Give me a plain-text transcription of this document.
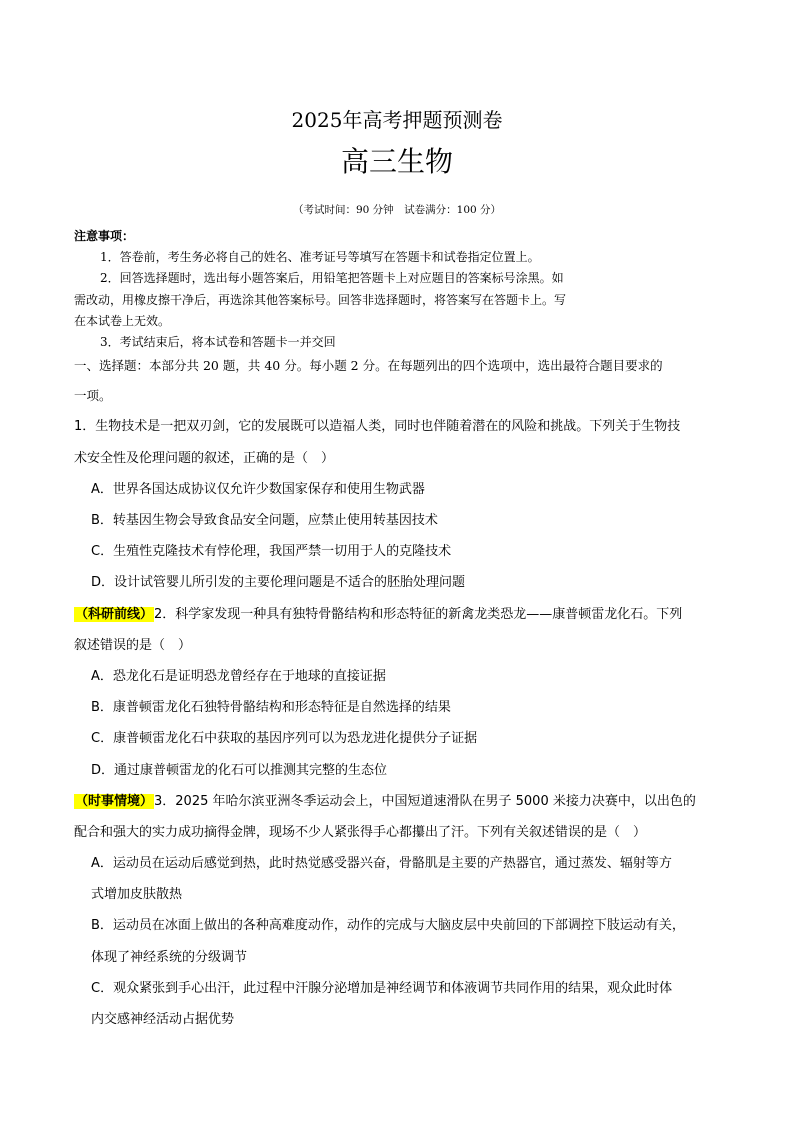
2025年高考押题预测卷
高三生物
（考试时间：90 分钟　试卷满分：100 分）
注意事项：
1．答卷前，考生务必将自己的姓名、准考证号等填写在答题卡和试卷指定位置上。
2．回答选择题时，选出每小题答案后，用铅笔把答题卡上对应题目的答案标号涂黑。如
需改动，用橡皮擦干净后，再选涂其他答案标号。回答非选择题时，将答案写在答题卡上。写
在本试卷上无效。
3．考试结束后，将本试卷和答题卡一并交回
一、选择题：本部分共 20 题，共 40 分。每小题 2 分。在每题列出的四个选项中，选出最符合题目要求的
一项。
1．生物技术是一把双刃剑，它的发展既可以造福人类，同时也伴随着潜在的风险和挑战。下列关于生物技
术安全性及伦理问题的叙述，正确的是（　）
A．世界各国达成协议仅允许少数国家保存和使用生物武器
B．转基因生物会导致食品安全问题，应禁止使用转基因技术
C．生殖性克隆技术有悖伦理，我国严禁一切用于人的克隆技术
D．设计试管婴儿所引发的主要伦理问题是不适合的胚胎处理问题
（科研前线）2．科学家发现一种具有独特骨骼结构和形态特征的新禽龙类恐龙——康普顿雷龙化石。下列
叙述错误的是（　）
A．恐龙化石是证明恐龙曾经存在于地球的直接证据
B．康普顿雷龙化石独特骨骼结构和形态特征是自然选择的结果
C．康普顿雷龙化石中获取的基因序列可以为恐龙进化提供分子证据
D．通过康普顿雷龙的化石可以推测其完整的生态位
（时事情境）3．2025 年哈尔滨亚洲冬季运动会上，中国短道速滑队在男子 5000 米接力决赛中，以出色的
配合和强大的实力成功摘得金牌，现场不少人紧张得手心都攥出了汗。下列有关叙述错误的是（　）
A．运动员在运动后感觉到热，此时热觉感受器兴奋，骨骼肌是主要的产热器官，通过蒸发、辐射等方
式增加皮肤散热
B．运动员在冰面上做出的各种高难度动作，动作的完成与大脑皮层中央前回的下部调控下肢运动有关，
体现了神经系统的分级调节
C．观众紧张到手心出汗，此过程中汗腺分泌增加是神经调节和体液调节共同作用的结果，观众此时体
内交感神经活动占据优势
